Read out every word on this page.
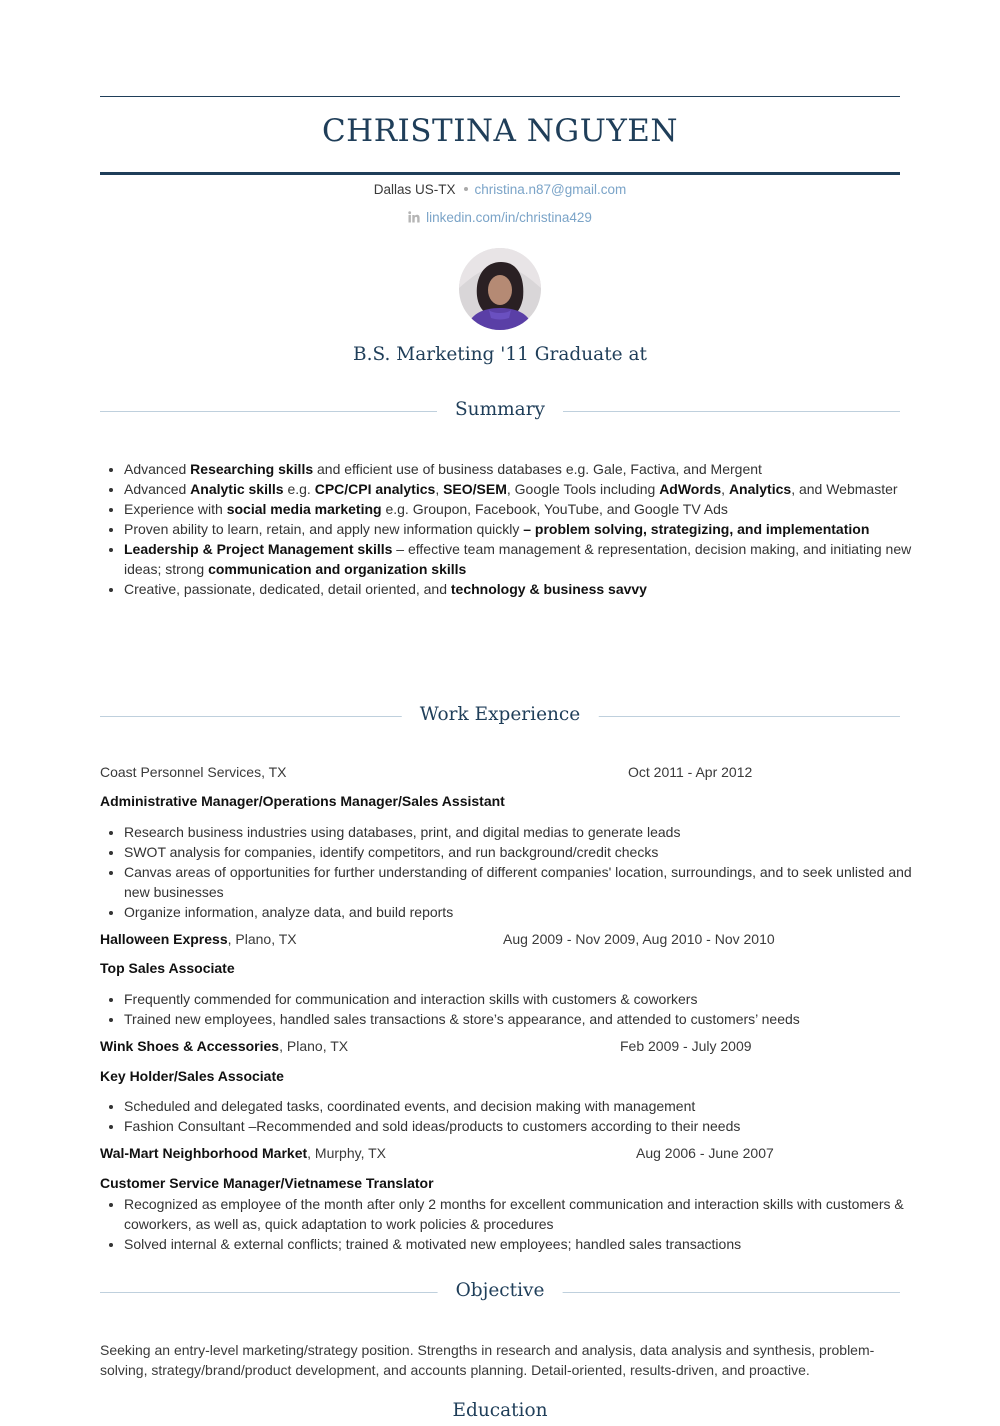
CHRISTINA NGUYEN
Dallas US-TX christina.n87@gmail.com
linkedin.com/in/christina429
B.S. Marketing '11 Graduate at
Summary
• Advanced Researching skills and efficient use of business databases e.g. Gale, Factiva, and Mergent
• Advanced Analytic skills e.g. CPC/CPI analytics, SEO/SEM, Google Tools including AdWords, Analytics, and Webmaster
• Experience with social media marketing e.g. Groupon, Facebook, YouTube, and Google TV Ads
• Proven ability to learn, retain, and apply new information quickly – problem solving, strategizing, and implementation
• Leadership & Project Management skills – effective team management & representation, decision making, and initiating new ideas; strong communication and organization skills
• Creative, passionate, dedicated, detail oriented, and technology & business savvy
Work Experience
Coast Personnel Services, TX	Oct 2011 - Apr 2012
Administrative Manager/Operations Manager/Sales Assistant
• Research business industries using databases, print, and digital medias to generate leads
• SWOT analysis for companies, identify competitors, and run background/credit checks
• Canvas areas of opportunities for further understanding of different companies' location, surroundings, and to seek unlisted and new businesses
• Organize information, analyze data, and build reports
Halloween Express, Plano, TX	Aug 2009 - Nov 2009, Aug 2010 - Nov 2010
Top Sales Associate
• Frequently commended for communication and interaction skills with customers & coworkers
• Trained new employees, handled sales transactions & store’s appearance, and attended to customers’ needs
Wink Shoes & Accessories, Plano, TX	Feb 2009 - July 2009
Key Holder/Sales Associate
• Scheduled and delegated tasks, coordinated events, and decision making with management
• Fashion Consultant –Recommended and sold ideas/products to customers according to their needs
Wal-Mart Neighborhood Market, Murphy, TX	Aug 2006 - June 2007
Customer Service Manager/Vietnamese Translator
• Recognized as employee of the month after only 2 months for excellent communication and interaction skills with customers & coworkers, as well as, quick adaptation to work policies & procedures
• Solved internal & external conflicts; trained & motivated new employees; handled sales transactions
Objective

Seeking an entry-level marketing/strategy position. Strengths in research and analysis, data analysis and synthesis, problem-solving, strategy/brand/product development, and accounts planning. Detail-oriented, results-driven, and proactive.

Education
